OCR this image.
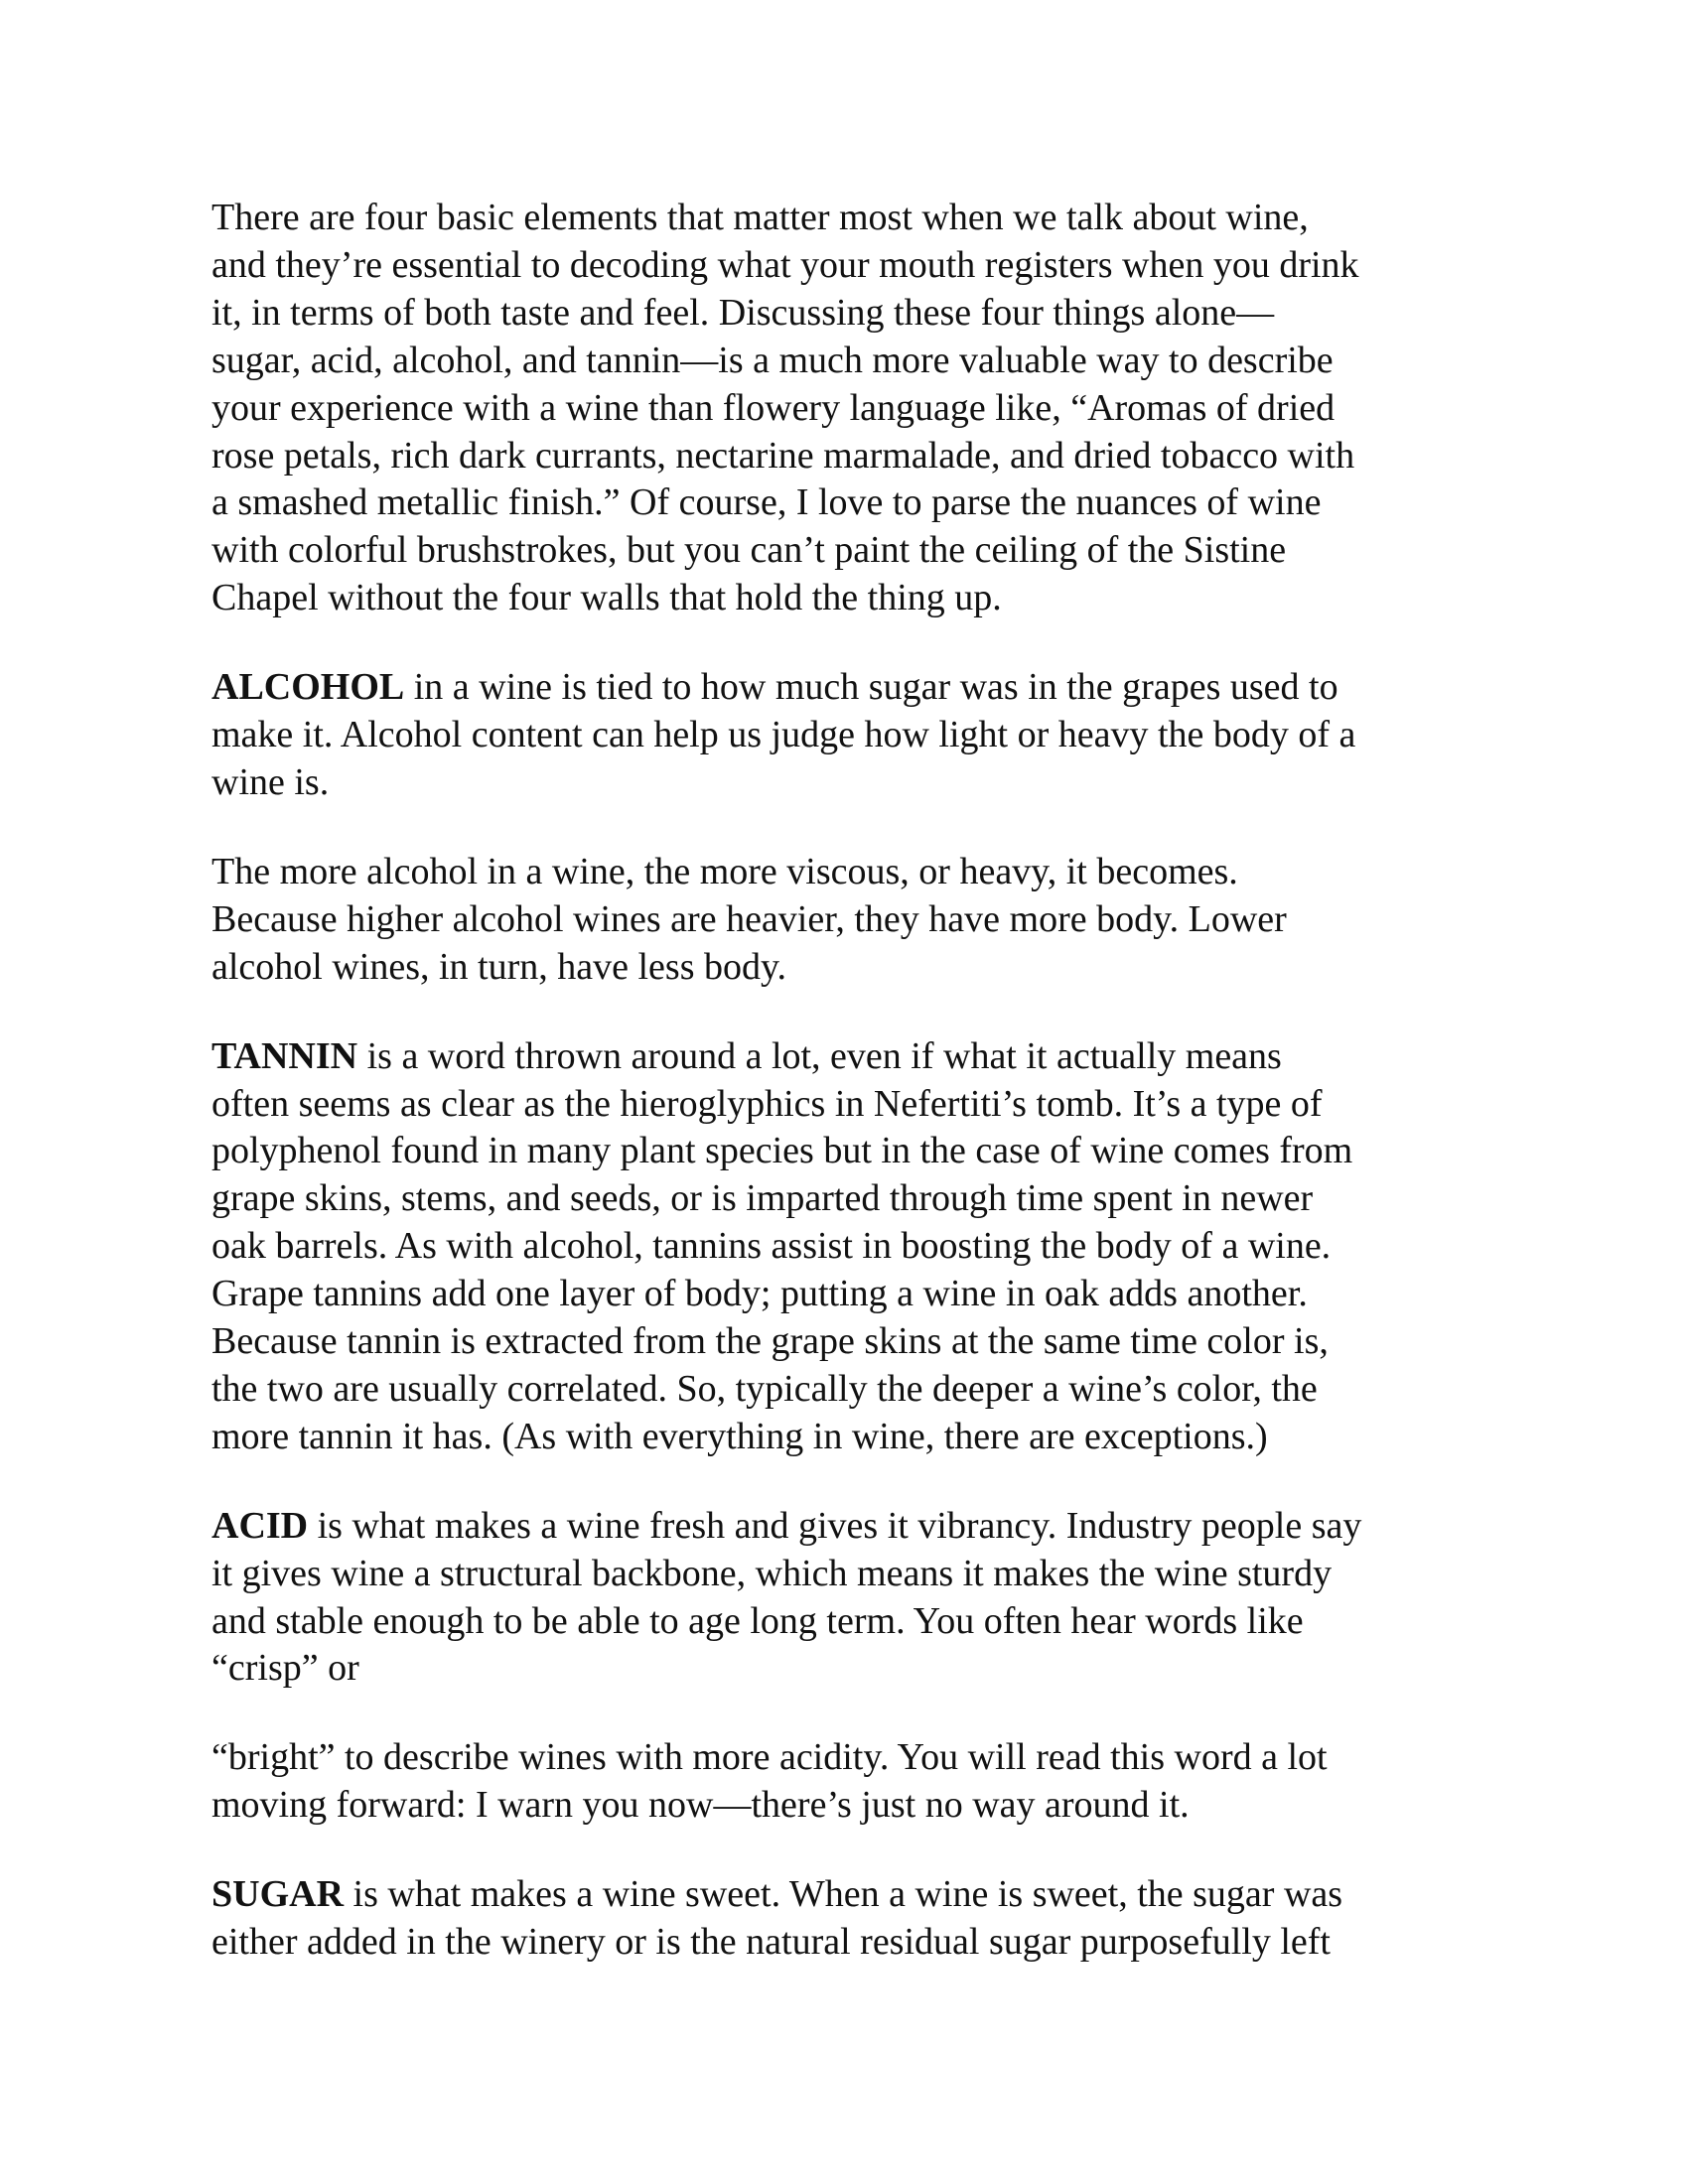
There are four basic elements that matter most when we talk about wine,
and they’re essential to decoding what your mouth registers when you drink
it, in terms of both taste and feel. Discussing these four things alone—
sugar, acid, alcohol, and tannin—is a much more valuable way to describe
your experience with a wine than flowery language like, “Aromas of dried
rose petals, rich dark currants, nectarine marmalade, and dried tobacco with
a smashed metallic finish.” Of course, I love to parse the nuances of wine
with colorful brushstrokes, but you can’t paint the ceiling of the Sistine
Chapel without the four walls that hold the thing up.

ALCOHOL in a wine is tied to how much sugar was in the grapes used to
make it. Alcohol content can help us judge how light or heavy the body of a
wine is.

The more alcohol in a wine, the more viscous, or heavy, it becomes.
Because higher alcohol wines are heavier, they have more body. Lower
alcohol wines, in turn, have less body.

TANNIN is a word thrown around a lot, even if what it actually means
often seems as clear as the hieroglyphics in Nefertiti’s tomb. It’s a type of
polyphenol found in many plant species but in the case of wine comes from
grape skins, stems, and seeds, or is imparted through time spent in newer
oak barrels. As with alcohol, tannins assist in boosting the body of a wine.
Grape tannins add one layer of body; putting a wine in oak adds another.
Because tannin is extracted from the grape skins at the same time color is,
the two are usually correlated. So, typically the deeper a wine’s color, the
more tannin it has. (As with everything in wine, there are exceptions.)

ACID is what makes a wine fresh and gives it vibrancy. Industry people say
it gives wine a structural backbone, which means it makes the wine sturdy
and stable enough to be able to age long term. You often hear words like
“crisp” or

“bright” to describe wines with more acidity. You will read this word a lot
moving forward: I warn you now—there’s just no way around it.

SUGAR is what makes a wine sweet. When a wine is sweet, the sugar was
either added in the winery or is the natural residual sugar purposefully left
